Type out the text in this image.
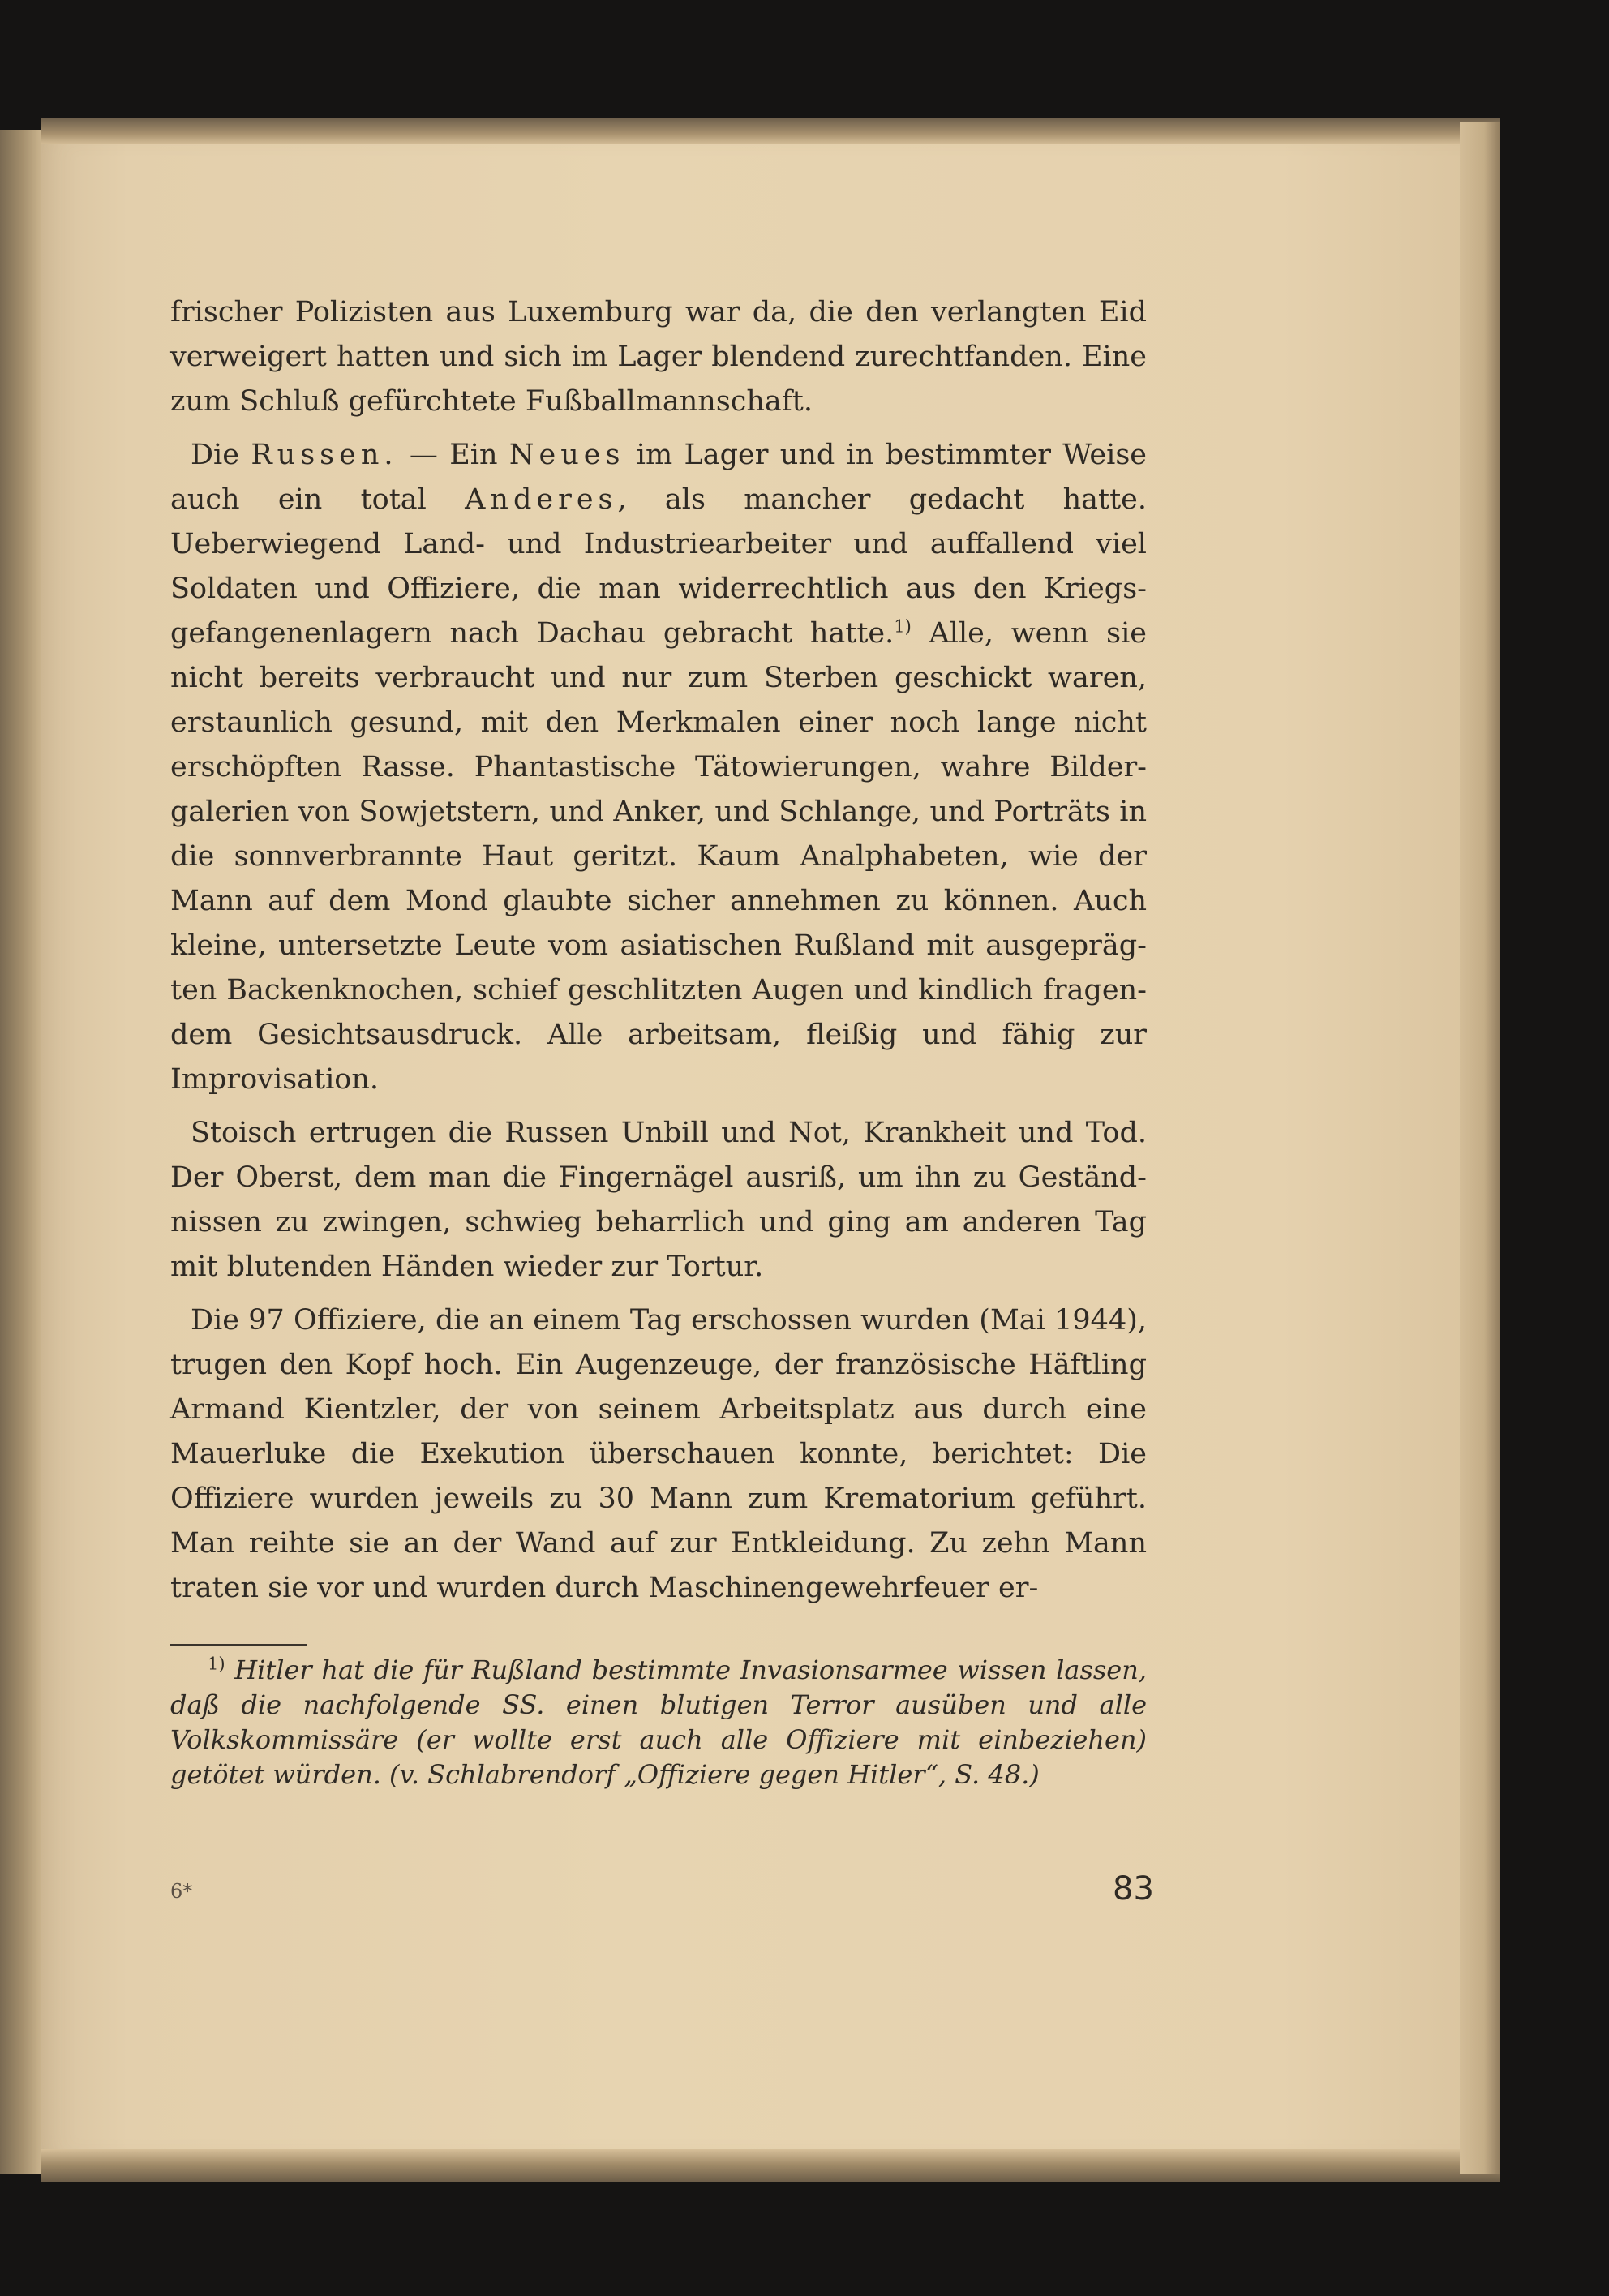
frischer Polizisten aus Luxemburg war da, die den verlangten Eid verweigert hatten und sich im Lager blendend zurechtfanden. Eine zum Schluß gefürchtete Fußballmannschaft.

Die Russen. — Ein Neues im Lager und in bestimmter Weise auch ein total Anderes, als mancher gedacht hatte. Ueberwiegend Land- und Industriearbeiter und auffallend viel Soldaten und Offiziere, die man widerrechtlich aus den Kriegsgefangenenlagern nach Dachau gebracht hatte.$^{1)}$ Alle, wenn sie nicht bereits verbraucht und nur zum Sterben geschickt waren, erstaunlich gesund, mit den Merkmalen einer noch lange nicht erschöpften Rasse. Phantastische Tätowierungen, wahre Bildergalerien von Sowjetstern, und Anker, und Schlange, und Porträts in die sonnverbrannte Haut geritzt. Kaum Analphabeten, wie der Mann auf dem Mond glaubte sicher annehmen zu können. Auch kleine, untersetzte Leute vom asiatischen Rußland mit ausgeprägten Backenknochen, schief geschlitzten Augen und kindlich fragendem Gesichtsausdruck. Alle arbeitsam, fleißig und fähig zur Improvisation.

Stoisch ertrugen die Russen Unbill und Not, Krankheit und Tod. Der Oberst, dem man die Fingernägel ausriß, um ihn zu Geständnissen zu zwingen, schwieg beharrlich und ging am anderen Tag mit blutenden Händen wieder zur Tortur.

Die 97 Offiziere, die an einem Tag erschossen wurden (Mai 1944), trugen den Kopf hoch. Ein Augenzeuge, der französische Häftling Armand Kientzler, der von seinem Arbeitsplatz aus durch eine Mauerluke die Exekution überschauen konnte, berichtet: Die Offiziere wurden jeweils zu 30 Mann zum Krematorium geführt. Man reihte sie an der Wand auf zur Entkleidung. Zu zehn Mann traten sie vor und wurden durch Maschinengewehrfeuer er-

$^{1)}$ Hitler hat die für Rußland bestimmte Invasionsarmee wissen lassen, daß die nachfolgende SS. einen blutigen Terror ausüben und alle Volkskommissäre (er wollte erst auch alle Offiziere mit einbeziehen) getötet würden. (v. Schlabrendorf „Offiziere gegen Hitler“, S. 48.)

6*	83
